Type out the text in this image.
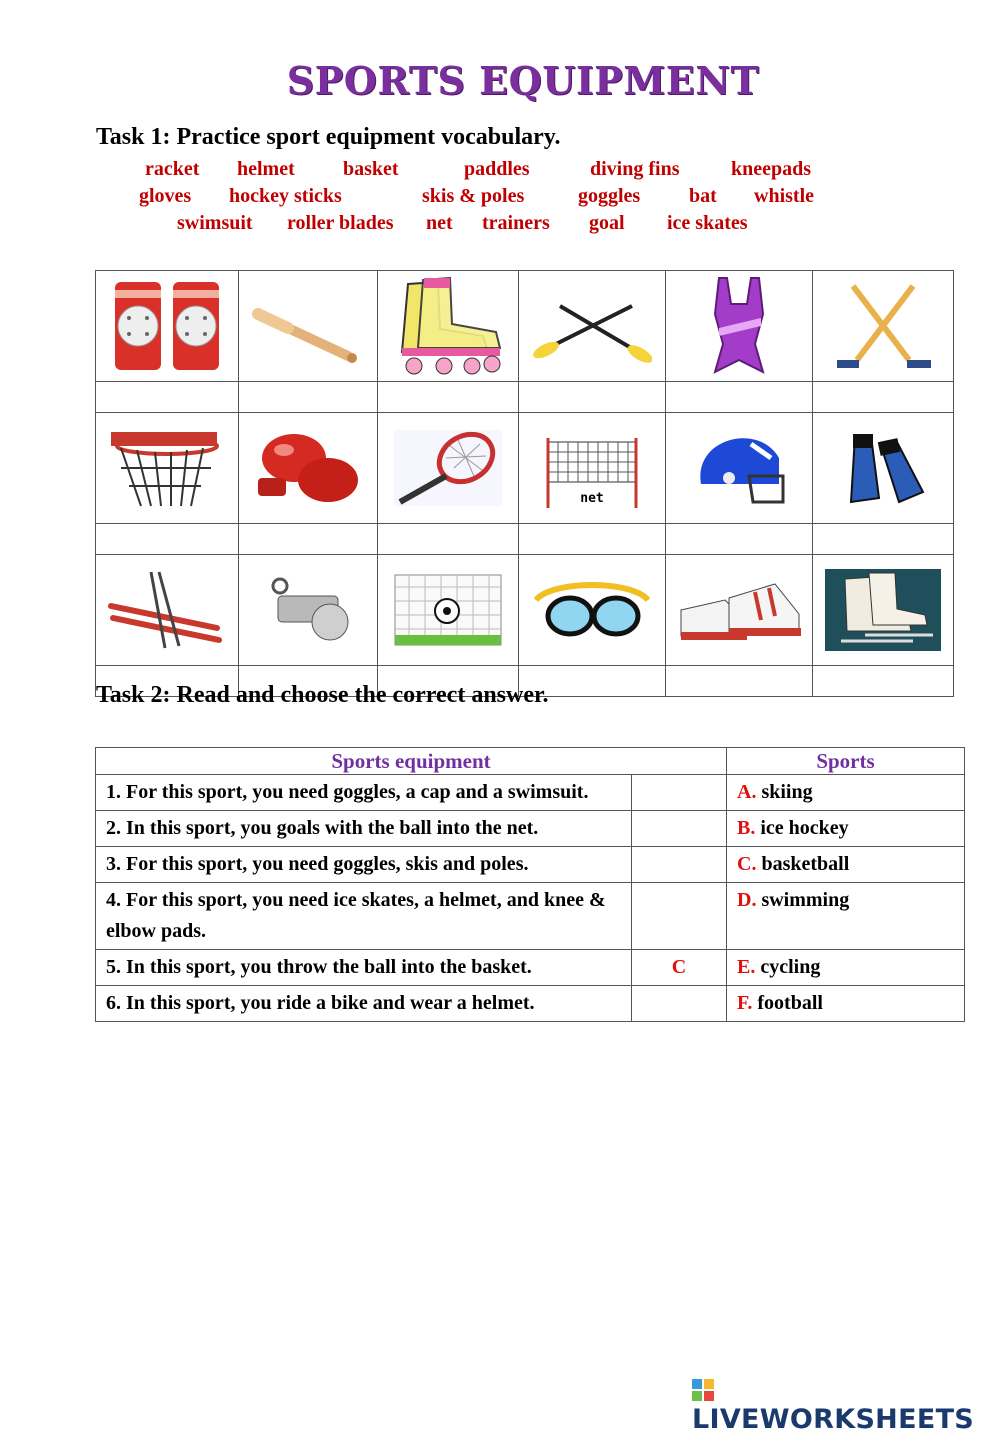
SPORTS EQUIPMENT
Task 1: Practice sport equipment vocabulary.
racket helmet basket	paddles	diving fins	kneepads
gloves hockey sticks	skis & poles	goggles bat whistle
swimsuit roller blades net trainers goal ice skates

net

Task 2: Read and choose the correct answer.
Sports equipment		Sports
1. For this sport, you need goggles, a cap and a swimsuit.		A. skiing
2. In this sport, you goals with the ball into the net.		B. ice hockey
3. For this sport, you need goggles, skis and poles.		C. basketball
4. For this sport, you need ice skates, a helmet, and knee & elbow pads.		D. swimming
5. In this sport, you throw the ball into the basket.	C	E. cycling
6. In this sport, you ride a bike and wear a helmet.		F. football
LIVEWORKSHEETS
